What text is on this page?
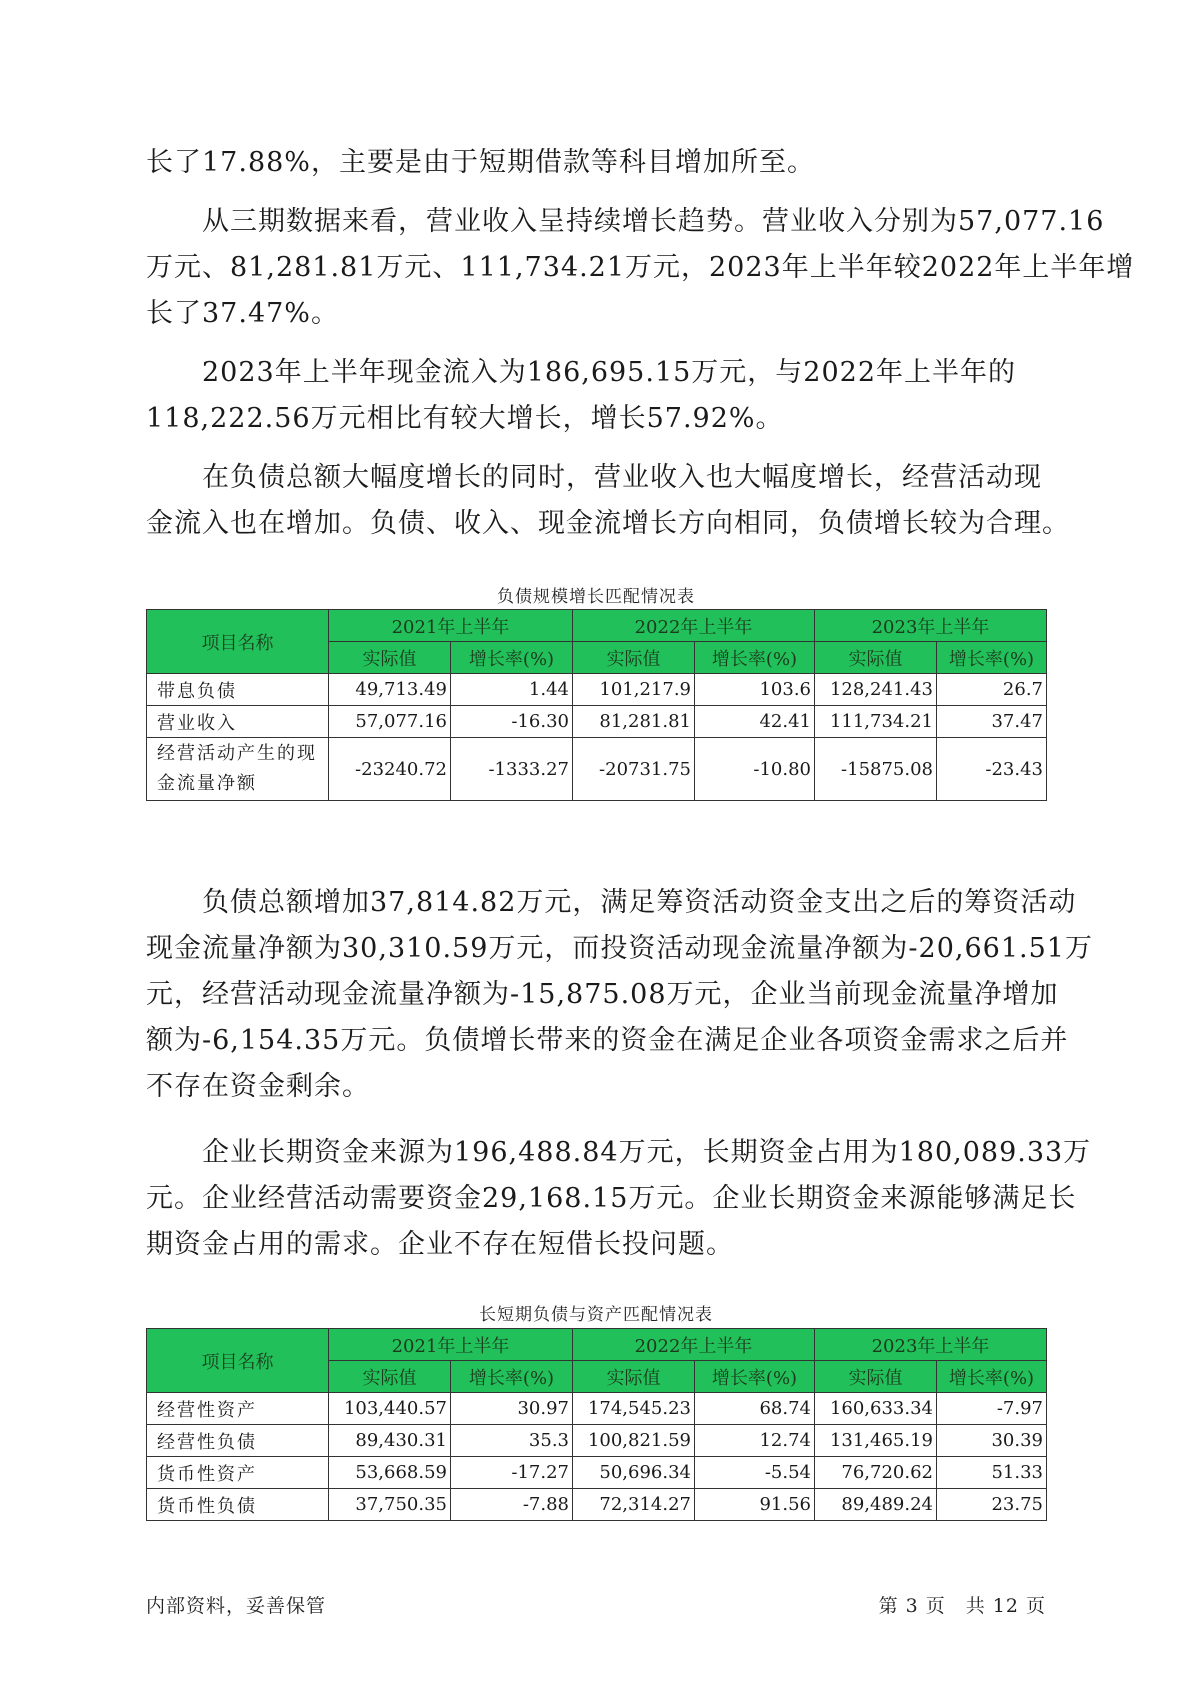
长了17.88%，主要是由于短期借款等科目增加所至。
　　从三期数据来看，营业收入呈持续增长趋势。营业收入分别为57,077.16
万元、81,281.81万元、111,734.21万元，2023年上半年较2022年上半年增
长了37.47%。
　　2023年上半年现金流入为186,695.15万元，与2022年上半年的
118,222.56万元相比有较大增长，增长57.92%。
　　在负债总额大幅度增长的同时，营业收入也大幅度增长，经营活动现
金流入也在增加。负债、收入、现金流增长方向相同，负债增长较为合理。
负债规模增长匹配情况表
项目名称	2021年上半年		2022年上半年		2023年上半年	
	实际值	增长率(%)	实际值	增长率(%)	实际值	增长率(%)
带息负债	49,713.49	1.44	101,217.9	103.6	128,241.43	26.7
营业收入	57,077.16	-16.30	81,281.81	42.41	111,734.21	37.47
经营活动产生的现金流量净额	-23240.72	-1333.27	-20731.75	-10.80	-15875.08	-23.43
　　负债总额增加37,814.82万元，满足筹资活动资金支出之后的筹资活动
现金流量净额为30,310.59万元，而投资活动现金流量净额为-20,661.51万
元，经营活动现金流量净额为-15,875.08万元，企业当前现金流量净增加
额为-6,154.35万元。负债增长带来的资金在满足企业各项资金需求之后并
不存在资金剩余。
　　企业长期资金来源为196,488.84万元，长期资金占用为180,089.33万
元。企业经营活动需要资金29,168.15万元。企业长期资金来源能够满足长
期资金占用的需求。企业不存在短借长投问题。
长短期负债与资产匹配情况表
项目名称	2021年上半年		2022年上半年		2023年上半年	
	实际值	增长率(%)	实际值	增长率(%)	实际值	增长率(%)
经营性资产	103,440.57	30.97	174,545.23	68.74	160,633.34	-7.97
经营性负债	89,430.31	35.3	100,821.59	12.74	131,465.19	30.39
货币性资产	53,668.59	-17.27	50,696.34	-5.54	76,720.62	51.33
货币性负债	37,750.35	-7.88	72,314.27	91.56	89,489.24	23.75
内部资料，妥善保管	第 3 页　共 12 页
